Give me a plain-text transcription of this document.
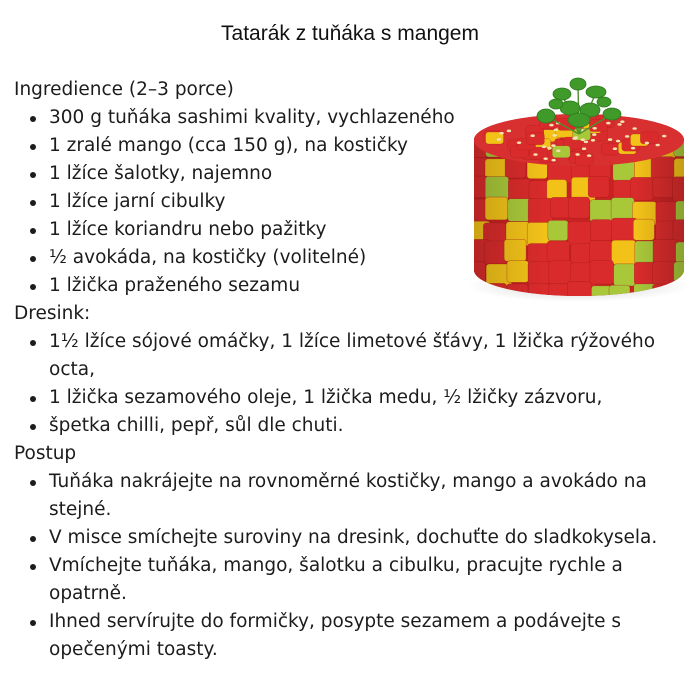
Tatarák z tuňáka s mangem
Ingredience (2–3 porce)
300 g tuňáka sashimi kvality, vychlazeného
1 zralé mango (cca 150 g), na kostičky
1 lžíce šalotky, najemno
1 lžíce jarní cibulky
1 lžíce koriandru nebo pažitky
½ avokáda, na kostičky (volitelné)
1 lžička praženého sezamu
Dresink:
1½ lžíce sójové omáčky, 1 lžíce limetové šťávy, 1 lžička rýžového octa,
1 lžička sezamového oleje, 1 lžička medu, ½ lžičky zázvoru,
špetka chilli, pepř, sůl dle chuti.
Postup
Tuňáka nakrájejte na rovnoměrné kostičky, mango a avokádo na stejné.
V misce smíchejte suroviny na dresink, dochuťte do sladkokysela.
Vmíchejte tuňáka, mango, šalotku a cibulku, pracujte rychle a opatrně.
Ihned servírujte do formičky, posypte sezamem a podávejte s opečenými toasty.
